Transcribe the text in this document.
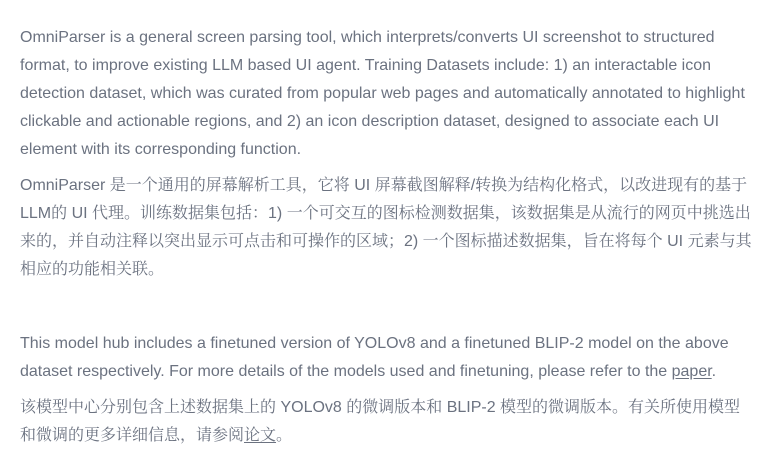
OmniParser is a general screen parsing tool, which interprets/converts UI screenshot to structured format, to improve existing LLM based UI agent. Training Datasets include: 1) an interactable icon detection dataset, which was curated from popular web pages and automatically annotated to highlight clickable and actionable regions, and 2) an icon description dataset, designed to associate each UI element with its corresponding function.

OmniParser 是一个通用的屏幕解析工具，它将 UI 屏幕截图解释/转换为结构化格式，以改进现有的基于LLM的 UI 代理。训练数据集包括：1) 一个可交互的图标检测数据集，该数据集是从流行的网页中挑选出来的，并自动注释以突出显示可点击和可操作的区域；2) 一个图标描述数据集，旨在将每个 UI 元素与其相应的功能相关联。

This model hub includes a finetuned version of YOLOv8 and a finetuned BLIP-2 model on the above dataset respectively. For more details of the models used and finetuning, please refer to the paper.

该模型中心分别包含上述数据集上的 YOLOv8 的微调版本和 BLIP-2 模型的微调版本。有关所使用模型和微调的更多详细信息，请参阅论文。
